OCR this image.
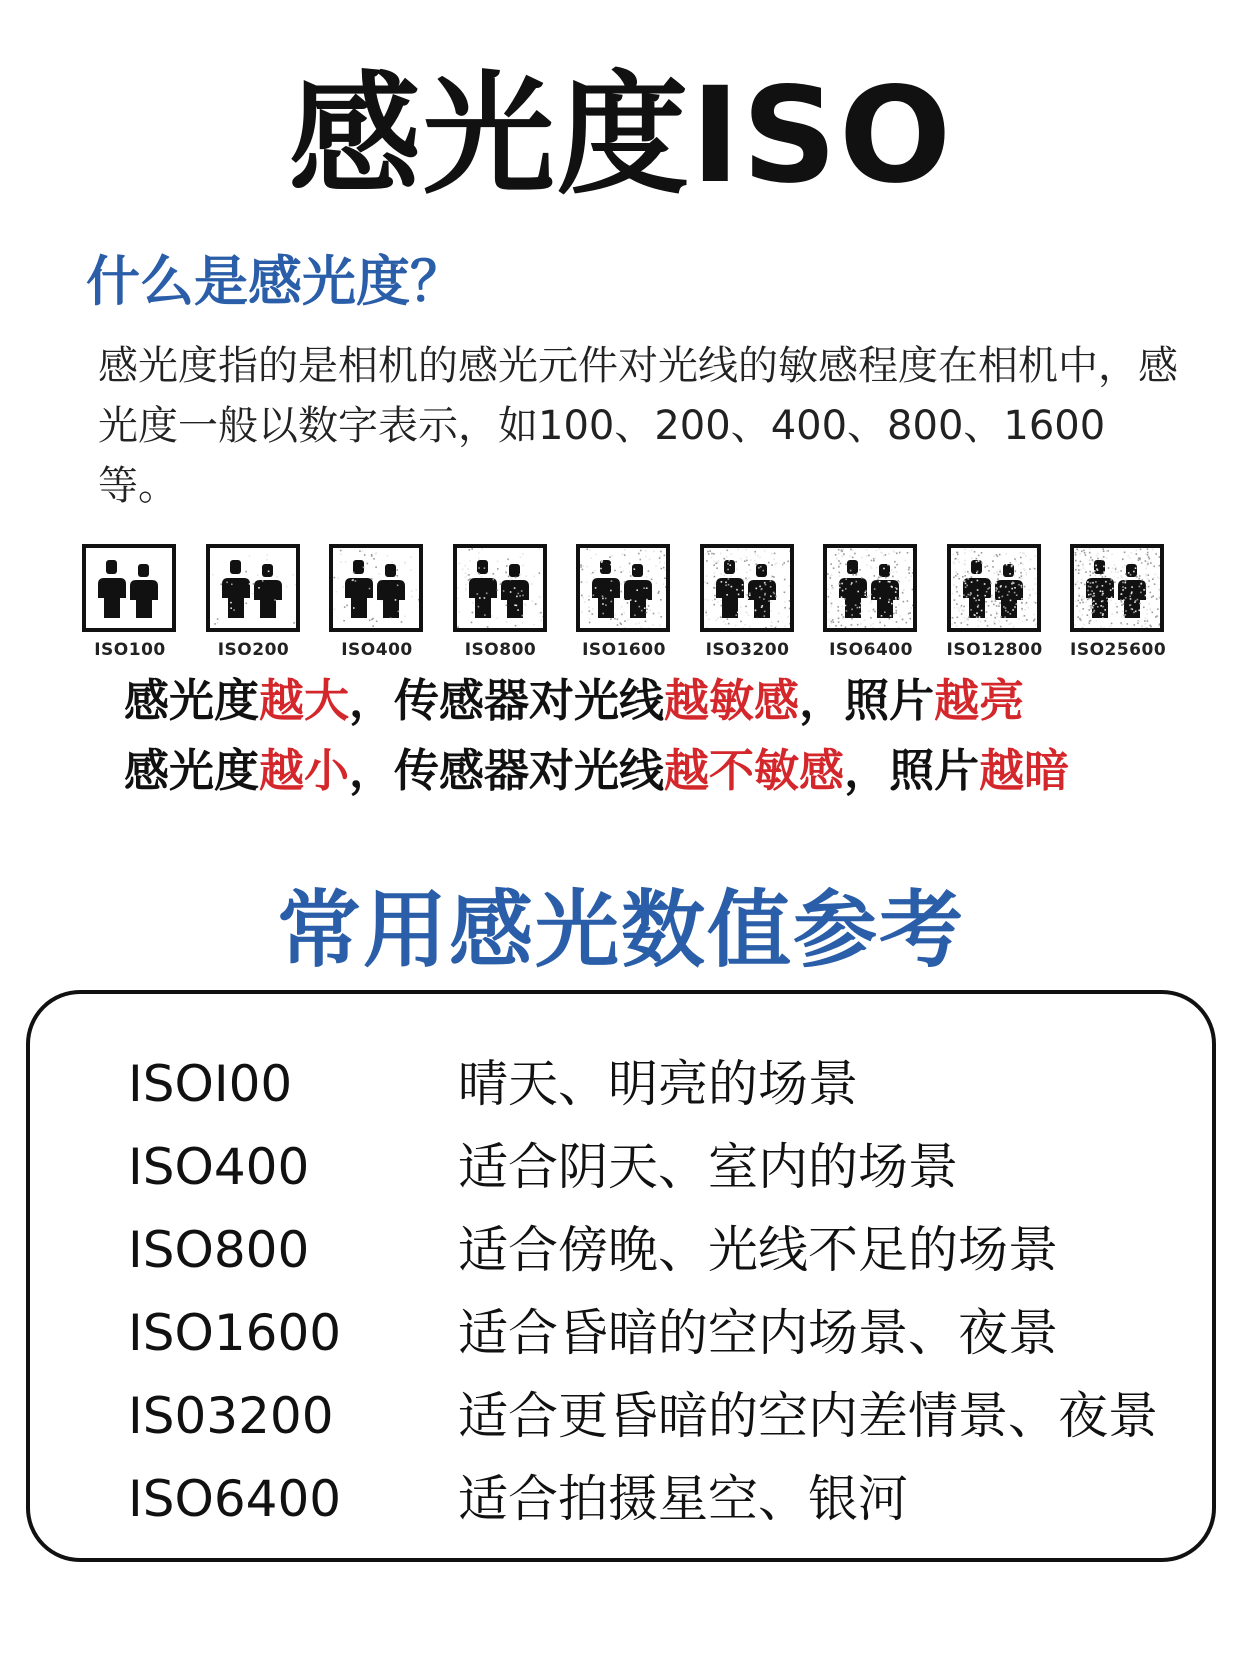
感光度ISO
什么是感光度？
感光度指的是相机的感光元件对光线的敏感程度在相机中，感光度一般以数字表示，如100、200、400、800、1600等。
ISO100	ISO200	ISO400	ISO800	ISO1600	ISO3200	ISO6400	ISO12800 ISO25600
感光度越大，传感器对光线越敏感，照片越亮
感光度越小，传感器对光线越不敏感，照片越暗
常用感光数值参考
ISOI00	晴天、明亮的场景
ISO400	适合阴天、室内的场景
ISO800	适合傍晚、光线不足的场景
ISO1600 适合昏暗的空内场景、夜景
IS03200 适合更昏暗的空内差情景、夜景
ISO6400 适合拍摄星空、银河
